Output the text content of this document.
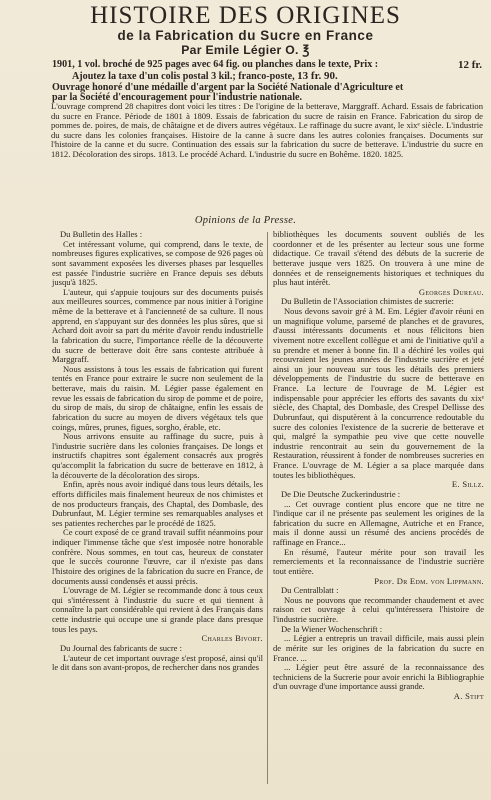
HISTOIRE DES ORIGINES
de la Fabrication du Sucre en France
Par Emile Légier O. ℥
1901, 1 vol. broché de 925 pages avec 64 fig. ou planches dans le texte, Prix :	12 fr.
Ajoutez la taxe d'un colis postal 3 kil.; franco-poste, 13 fr. 90.
Ouvrage honoré d'une médaille d'argent par la Société Nationale d'Agriculture et
par la Société d'encouragement pour l'industrie nationale.
L'ouvrage comprend 28 chapitres dont voici les titres : De l'origine de la betterave, Marggraff. Achard. Essais de fabrication du sucre en France. Période de 1801 à 1809. Essais de fabrication du sucre de raisin en France. Fabrication du sirop de pommes de. poires, de mais, de châtaigne et de divers autres végétaux. Le raffinage du sucre avant, le xixᵉ siècle. L'industrie du sucre dans les colonies françaises. Histoire de la canne à sucre dans les autres colonies françaises. Documents sur l'histoire de la canne et du sucre. Continuation des essais sur la fabrication du sucre de betterave. L'industrie du sucre en 1812. Décoloration des sirops. 1813. Le procédé Achard. L'industrie du sucre en Bohême. 1820. 1825.
Opinions de la Presse.

Du Bulletin des Halles :

Cet intéressant volume, qui comprend, dans le texte, de nombreuses figures explicatives, se compose de 926 pages où sont savamment exposées les diverses phases par lesquelles est passée l'industrie sucrière en France depuis ses débuts jusqu'à 1825.

L'auteur, qui s'appuie toujours sur des documents puisés aux meilleures sources, commence par nous initier à l'origine même de la betterave et à l'ancienneté de sa culture. Il nous apprend, en s'appuyant sur des données les plus sûres, que si Achard doit avoir sa part du mérite d'avoir rendu industrielle la fabrication du sucre, l'importance réelle de la découverte du sucre de betterave doit être sans conteste attribuée à Marggraff.

Nous assistons à tous les essais de fabrication qui furent tentés en France pour extraire le sucre non seulement de la betterave, mais du raisin. M. Légier passe également en revue les essais de fabrication du sirop de pomme et de poire, du sirop de maïs, du sirop de châtaigne, enfin les essais de fabrication du sucre au moyen de divers végétaux tels que coings, mûres, prunes, figues, sorgho, érable, etc.

Nous arrivons ensuite au raffinage du sucre, puis à l'industrie sucrière dans les colonies françaises. De longs et instructifs chapitres sont également consacrés aux progrès qu'accomplit la fabrication du sucre de betterave en 1812, à la découverte de la décoloration des sirops.

Enfin, après nous avoir indiqué dans tous leurs détails, les efforts difficiles mais finalement heureux de nos chimistes et de nos producteurs français, des Chaptal, des Dombasle, des Dubrunfaut, M. Légier termine ses remarquables analyses et ses patientes recherches par le procédé de 1825.

Ce court exposé de ce grand travail suffit néanmoins pour indiquer l'immense tâche que s'est imposée notre honorable confrère. Nous sommes, en tout cas, heureux de constater que le succès couronne l'œuvre, car il n'existe pas dans l'histoire des origines de la fabrication du sucre en France, de documents aussi condensés et aussi précis.

L'ouvrage de M. Légier se recommande donc à tous ceux qui s'intéressent à l'industrie du sucre et qui tiennent à connaître la part considérable qui revient à des Français dans cette industrie qui occupe une si grande place dans presque tous les pays.

Charles Bivort.

Du Journal des fabricants de sucre :

L'auteur de cet important ouvrage s'est proposé, ainsi qu'il le dit dans son avant-propos, de rechercher dans nos grandes

bibliothèques les documents souvent oubliés de les coordonner et de les présenter au lecteur sous une forme didactique. Ce travail s'étend des débuts de la sucrerie de betterave jusque vers 1825. On trouvera à une mine de données et de renseignements historiques et techniques du plus haut intérêt.

Georges Dureau.

Du Bulletin de l'Association chimistes de sucrerie:

Nous devons savoir gré à M. Em. Légier d'avoir réuni en un magnifique volume, parsemé de planches et de gravures, d'aussi intéressants documents et nous félicitons bien vivement notre excellent collègue et ami de l'initiative qu'il a su prendre et mener à bonne fin. Il a déchiré les voiles qui recouvraient les jeunes années de l'industrie sucrière et jeté ainsi un jour nouveau sur tous les détails des premiers développements de l'industrie du sucre de betterave en France. La lecture de l'ouvrage de M. Légier est indispensable pour apprécier les efforts des savants du xixᵉ siècle, des Chaptal, des Dombasle, des Crespel Dellisse des Dubrunfaut, qui disputèrent à la concurrence redoutable du sucre des colonies l'existence de la sucrerie de betterave et qui, malgré la sympathie peu vive que cette nouvelle industrie rencontrait au sein du gouvernement de la Restauration, réussirent à fonder de nombreuses sucreries en France. L'ouvrage de M. Légier a sa place marquée dans toutes les bibliothèques.

E. Sillz.

De Die Deutsche Zuckerindustrie :

... Cet ouvrage contient plus encore que ne titre ne l'indique car il ne présente pas seulement les origines de la fabrication du sucre en Allemagne, Autriche et en France, mais il donne aussi un résumé des anciens procédés de raffinage en France...

En résumé, l'auteur mérite pour son travail les remerciements et la reconnaissance de l'industrie sucrière tout entière.

Prof. Dr Edm. von Lippmann.

Du Centralblatt :

Nous ne pouvons que recommander chaudement et avec raison cet ouvrage à celui qu'intéressera l'histoire de l'industrie sucrière.

De la Wiener Wochenschrift :

... Légier a entrepris un travail difficile, mais aussi plein de mérite sur les origines de la fabrication du sucre en France. ...

... Légier peut être assuré de la reconnaissance des techniciens de la Sucrerie pour avoir enrichi la Bibliographie d'un ouvrage d'une importance aussi grande.

A. Stift
